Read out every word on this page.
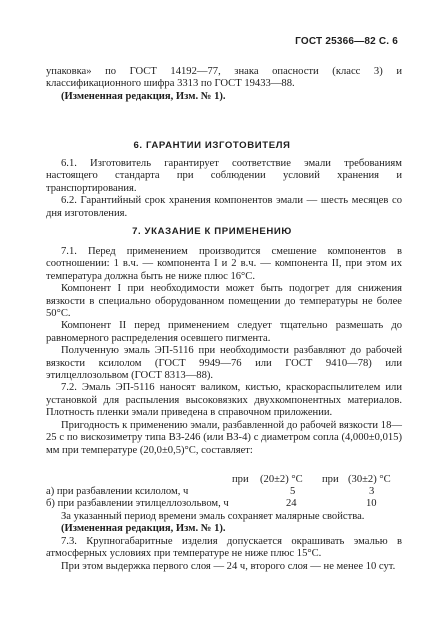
ГОСТ 25366—82 С. 6
упаковка» по ГОСТ 14192—77, знака опасности (класс 3) и классификационного шифра 3313 по ГОСТ 19433—88.
(Измененная редакция, Изм. № 1).
6. ГАРАНТИИ ИЗГОТОВИТЕЛЯ
6.1. Изготовитель гарантирует соответствие эмали требованиям настоящего стандарта при соблюдении условий хранения и транспортирования.
6.2. Гарантийный срок хранения компонентов эмали — шесть месяцев со дня изготовления.
7. УКАЗАНИЕ К ПРИМЕНЕНИЮ
7.1. Перед применением производится смешение компонентов в соотношении: 1 в.ч. — компонента I и 2 в.ч. — компонента II, при этом их температура должна быть не ниже плюс 16°С.
Компонент I при необходимости может быть подогрет для снижения вязкости в специально оборудованном помещении до температуры не более 50°С.
Компонент II перед применением следует тщательно размешать до равномерного распределения осевшего пигмента.
Полученную эмаль ЭП-5116 при необходимости разбавляют до рабочей вязкости ксилолом (ГОСТ 9949—76 или ГОСТ 9410—78) или этилцеллозольвом (ГОСТ 8313—88).
7.2. Эмаль ЭП-5116 наносят валиком, кистью, краскораспылителем или установкой для распыления высоковязких двухкомпонентных материалов. Плотность пленки эмали приведена в справочном приложении.
Пригодность к применению эмали, разбавленной до рабочей вязкости 18—25 с по вискозиметру типа ВЗ-246 (или ВЗ-4) с диаметром сопла (4,000±0,015) мм при температуре (20,0±0,5)°С, составляет:
при (20±2) °С при (30±2) °С
а) при разбавлении ксилолом, ч	5	3
б) при разбавлении этилцеллозольвом, ч	24	10
За указанный период времени эмаль сохраняет малярные свойства.
(Измененная редакция, Изм. № 1).
7.3. Крупногабаритные изделия допускается окрашивать эмалью в атмосферных условиях при температуре не ниже плюс 15°С.
При этом выдержка первого слоя — 24 ч, второго слоя — не менее 10 сут.
